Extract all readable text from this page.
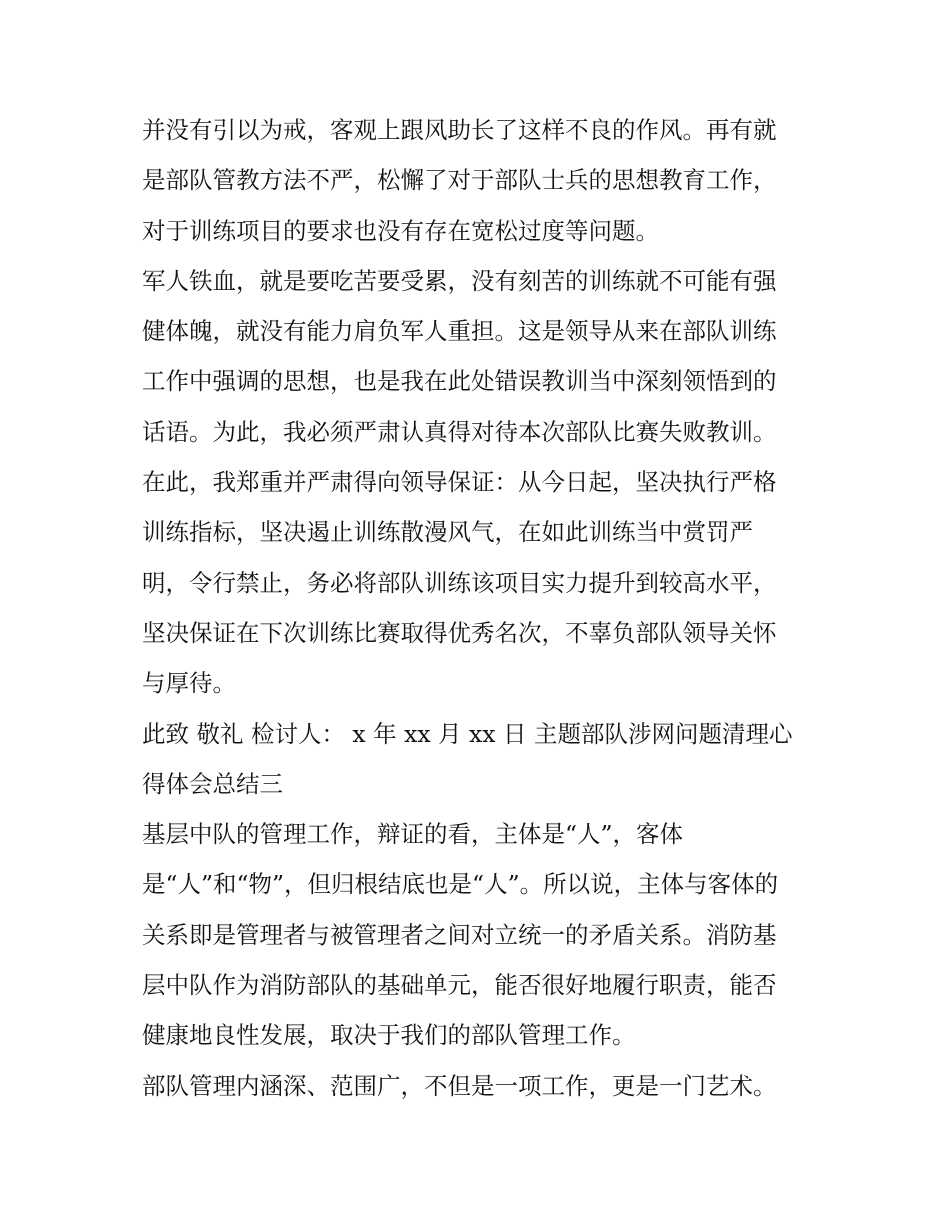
并没有引以为戒，客观上跟风助长了这样不良的作风。再有就
是部队管教方法不严，松懈了对于部队士兵的思想教育工作，
对于训练项目的要求也没有存在宽松过度等问题。
军人铁血，就是要吃苦要受累，没有刻苦的训练就不可能有强
健体魄，就没有能力肩负军人重担。这是领导从来在部队训练
工作中强调的思想，也是我在此处错误教训当中深刻领悟到的
话语。为此，我必须严肃认真得对待本次部队比赛失败教训。
在此，我郑重并严肃得向领导保证：从今日起，坚决执行严格
训练指标，坚决遏止训练散漫风气，在如此训练当中赏罚严
明，令行禁止，务必将部队训练该项目实力提升到较高水平，
坚决保证在下次训练比赛取得优秀名次，不辜负部队领导关怀
与厚待。
此致 敬礼 检讨人： x 年 xx 月 xx 日 主题部队涉网问题清理心
得体会总结三
基层中队的管理工作，辩证的看，主体是“人”，客体
是“人”和“物”，但归根结底也是“人”。所以说，主体与客体的
关系即是管理者与被管理者之间对立统一的矛盾关系。消防基
层中队作为消防部队的基础单元，能否很好地履行职责，能否
健康地良性发展，取决于我们的部队管理工作。
部队管理内涵深、范围广，不但是一项工作，更是一门艺术。
